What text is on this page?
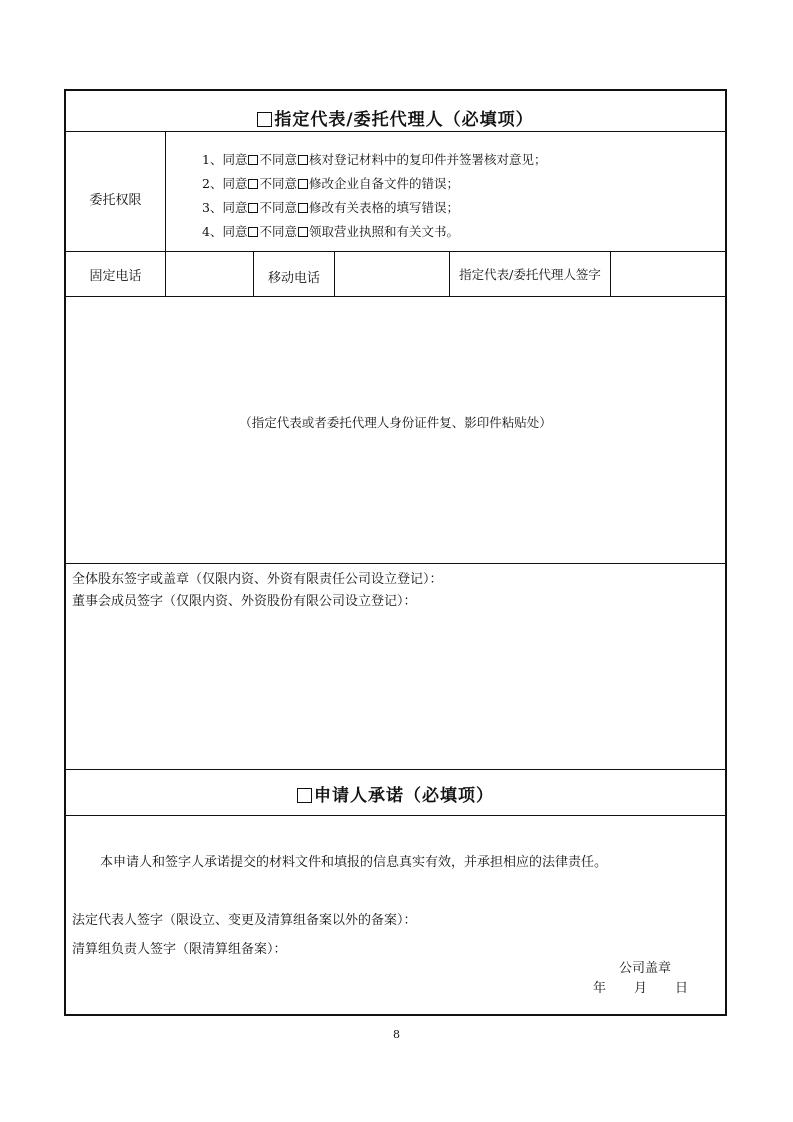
指定代表/委托代理人（必填项）
委托权限
1、同意 不同意 核对登记材料中的复印件并签署核对意见；
2、同意 不同意 修改企业自备文件的错误；
3、同意 不同意 修改有关表格的填写错误；
4、同意 不同意 领取营业执照和有关文书。
固定电话	移动电话	指定代表/委托代理人签字
（指定代表或者委托代理人身份证件复、影印件粘贴处）
全体股东签字或盖章（仅限内资、外资有限责任公司设立登记）：
董事会成员签字（仅限内资、外资股份有限公司设立登记）：
申请人承诺（必填项）
本申请人和签字人承诺提交的材料文件和填报的信息真实有效，并承担相应的法律责任。
法定代表人签字（限设立、变更及清算组备案以外的备案）：
清算组负责人签字（限清算组备案）：
公司盖章
年 月 日
8
